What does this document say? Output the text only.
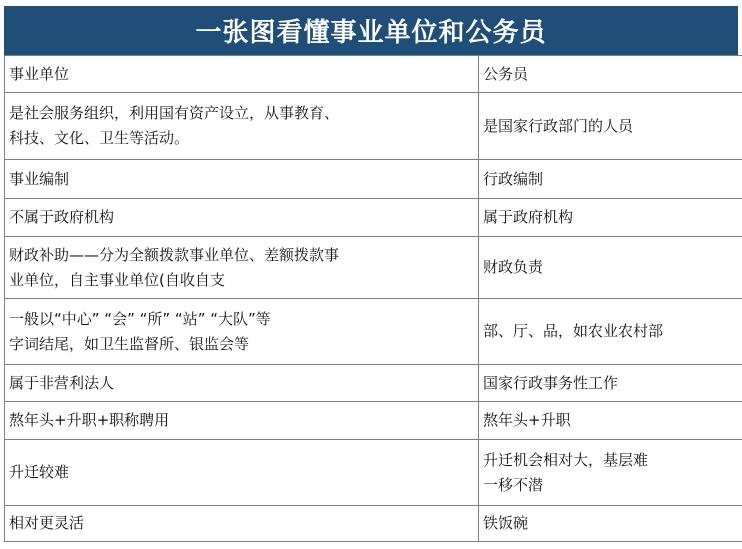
一张图看懂事业单位和公务员
事业单位	公务员
是社会服务组织，利用国有资产设立，从事教育、
科技、文化、卫生等活动。	是国家行政部门的人员
事业编制	行政编制
不属于政府机构	属于政府机构
财政补助——分为全额拨款事业单位、差额拨款事
业单位，自主事业单位(自收自支	财政负责
一般以“中心” “会” “所” “站” “大队”等
字词结尾，如卫生监督所、银监会等	部、厅、品，如农业农村部
属于非营利法人	国家行政事务性工作
熬年头+升职+职称聘用	熬年头+升职
升迁较难	升迁机会相对大，基层难
一移不潜
相对更灵活	铁饭碗
